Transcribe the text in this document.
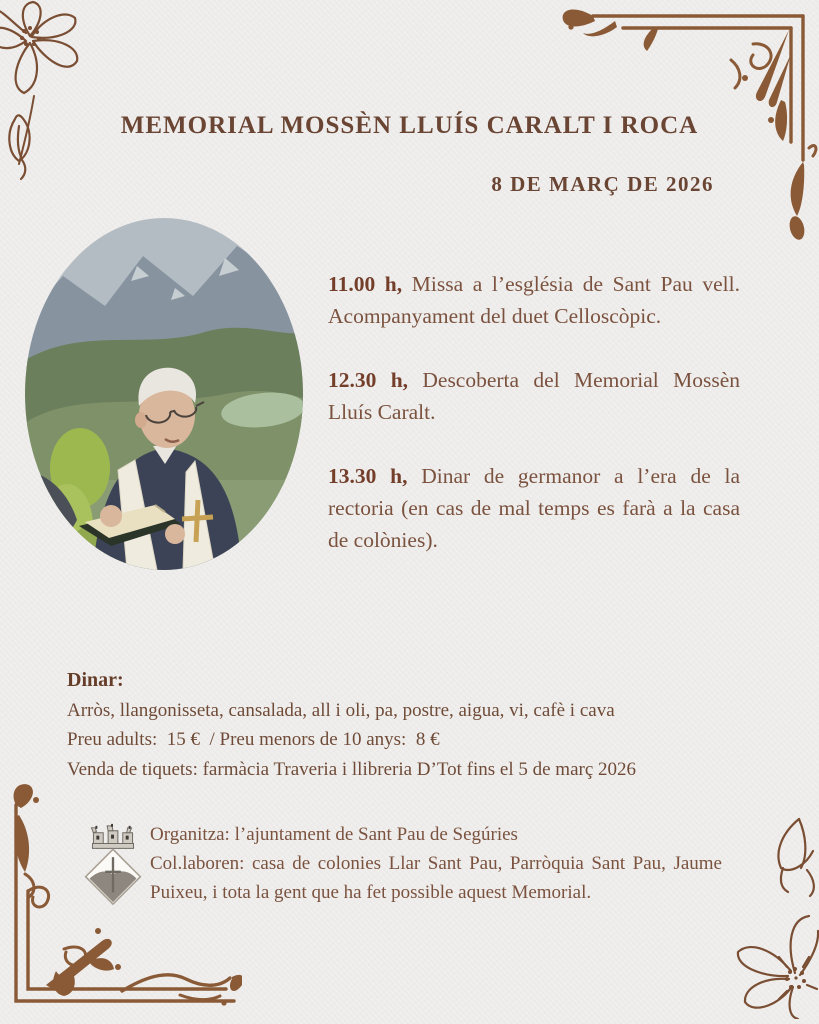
MEMORIAL MOSSÈN LLUÍS CARALT I ROCA
8 DE MARÇ DE 2026

11.00 h, Missa a l’església de Sant Pau vell. Acompanyament del duet Celloscòpic.

12.30 h, Descoberta del Memorial Mossèn Lluís Caralt.

13.30 h, Dinar de germanor a l’era de la rectoria (en cas de mal temps es farà a la casa de colònies).

Dinar:

Arròs, llangonisseta, cansalada, all i oli, pa, postre, aigua, vi, cafè i cava

Preu adults:  15 €  / Preu menors de 10 anys:  8 €

Venda de tiquets: farmàcia Traveria i llibreria D’Tot fins el 5 de març 2026

Organitza: l’ajuntament de Sant Pau de Segúries

Col.laboren: casa de colonies Llar Sant Pau, Parròquia Sant Pau, Jaume Puixeu, i tota la gent que ha fet possible aquest Memorial.
